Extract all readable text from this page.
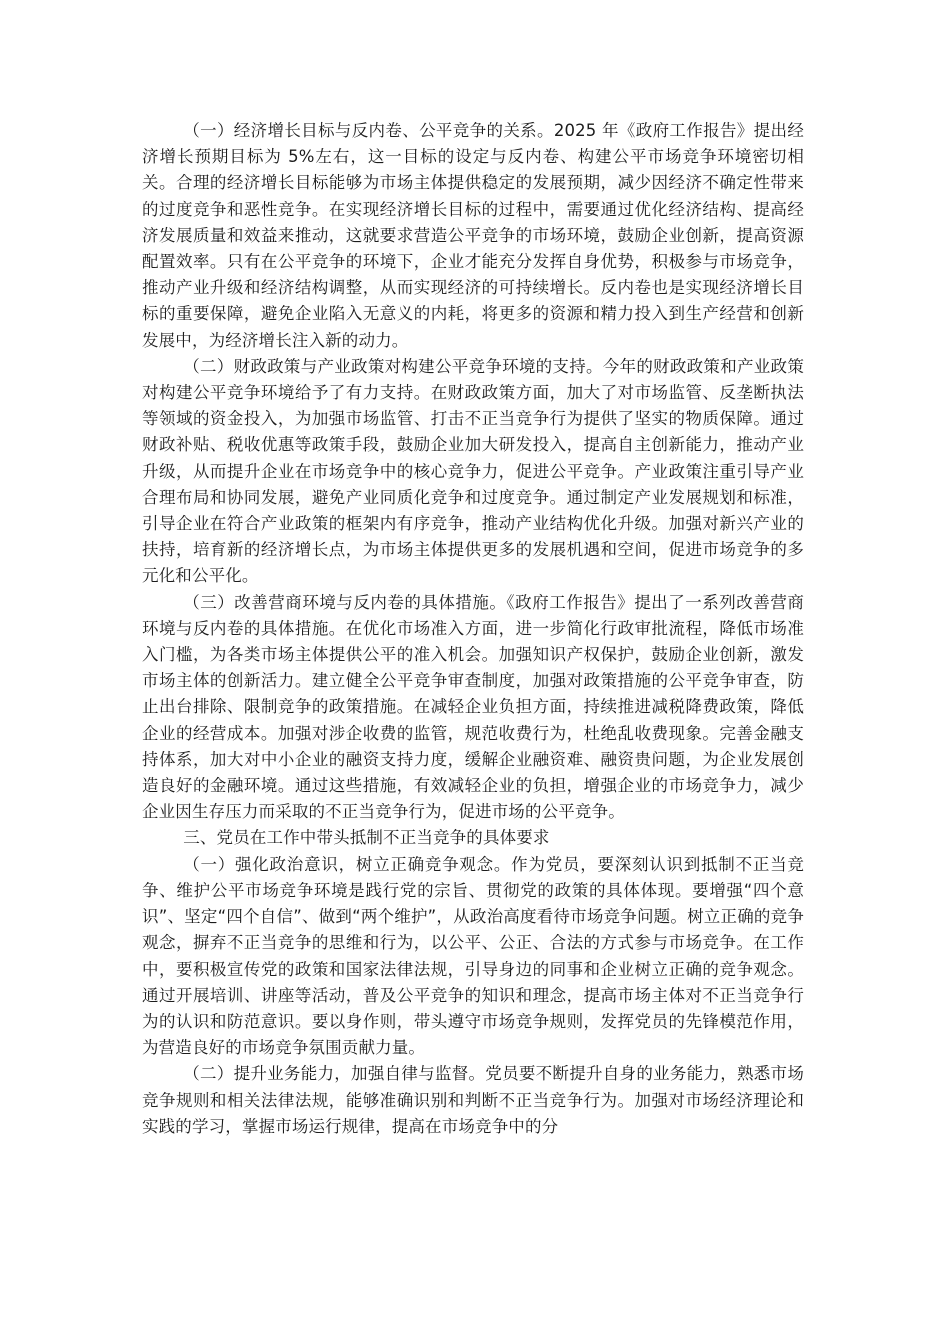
（一）经济增长目标与反内卷、公平竞争的关系。2025 年《政府工作报告》提出经济增长预期目标为 5%左右，这一目标的设定与反内卷、构建公平市场竞争环境密切相关。合理的经济增长目标能够为市场主体提供稳定的发展预期，减少因经济不确定性带来的过度竞争和恶性竞争。在实现经济增长目标的过程中，需要通过优化经济结构、提高经济发展质量和效益来推动，这就要求营造公平竞争的市场环境，鼓励企业创新，提高资源配置效率。只有在公平竞争的环境下，企业才能充分发挥自身优势，积极参与市场竞争，推动产业升级和经济结构调整，从而实现经济的可持续增长。反内卷也是实现经济增长目标的重要保障，避免企业陷入无意义的内耗，将更多的资源和精力投入到生产经营和创新发展中，为经济增长注入新的动力。

（二）财政政策与产业政策对构建公平竞争环境的支持。今年的财政政策和产业政策对构建公平竞争环境给予了有力支持。在财政政策方面，加大了对市场监管、反垄断执法等领域的资金投入，为加强市场监管、打击不正当竞争行为提供了坚实的物质保障。通过财政补贴、税收优惠等政策手段，鼓励企业加大研发投入，提高自主创新能力，推动产业升级，从而提升企业在市场竞争中的核心竞争力，促进公平竞争。产业政策注重引导产业合理布局和协同发展，避免产业同质化竞争和过度竞争。通过制定产业发展规划和标准，引导企业在符合产业政策的框架内有序竞争，推动产业结构优化升级。加强对新兴产业的扶持，培育新的经济增长点，为市场主体提供更多的发展机遇和空间，促进市场竞争的多元化和公平化。

（三）改善营商环境与反内卷的具体措施。《政府工作报告》提出了一系列改善营商环境与反内卷的具体措施。在优化市场准入方面，进一步简化行政审批流程，降低市场准入门槛，为各类市场主体提供公平的准入机会。加强知识产权保护，鼓励企业创新，激发市场主体的创新活力。建立健全公平竞争审查制度，加强对政策措施的公平竞争审查，防止出台排除、限制竞争的政策措施。在减轻企业负担方面，持续推进减税降费政策，降低企业的经营成本。加强对涉企收费的监管，规范收费行为，杜绝乱收费现象。完善金融支持体系，加大对中小企业的融资支持力度，缓解企业融资难、融资贵问题，为企业发展创造良好的金融环境。通过这些措施，有效减轻企业的负担，增强企业的市场竞争力，减少企业因生存压力而采取的不正当竞争行为，促进市场的公平竞争。

三、党员在工作中带头抵制不正当竞争的具体要求

（一）强化政治意识，树立正确竞争观念。作为党员，要深刻认识到抵制不正当竞争、维护公平市场竞争环境是践行党的宗旨、贯彻党的政策的具体体现。要增强“四个意识”、坚定“四个自信”、做到“两个维护”，从政治高度看待市场竞争问题。树立正确的竞争观念，摒弃不正当竞争的思维和行为，以公平、公正、合法的方式参与市场竞争。在工作中，要积极宣传党的政策和国家法律法规，引导身边的同事和企业树立正确的竞争观念。通过开展培训、讲座等活动，普及公平竞争的知识和理念，提高市场主体对不正当竞争行为的认识和防范意识。要以身作则，带头遵守市场竞争规则，发挥党员的先锋模范作用，为营造良好的市场竞争氛围贡献力量。

（二）提升业务能力，加强自律与监督。党员要不断提升自身的业务能力，熟悉市场竞争规则和相关法律法规，能够准确识别和判断不正当竞争行为。加强对市场经济理论和实践的学习，掌握市场运行规律，提高在市场竞争中的分
